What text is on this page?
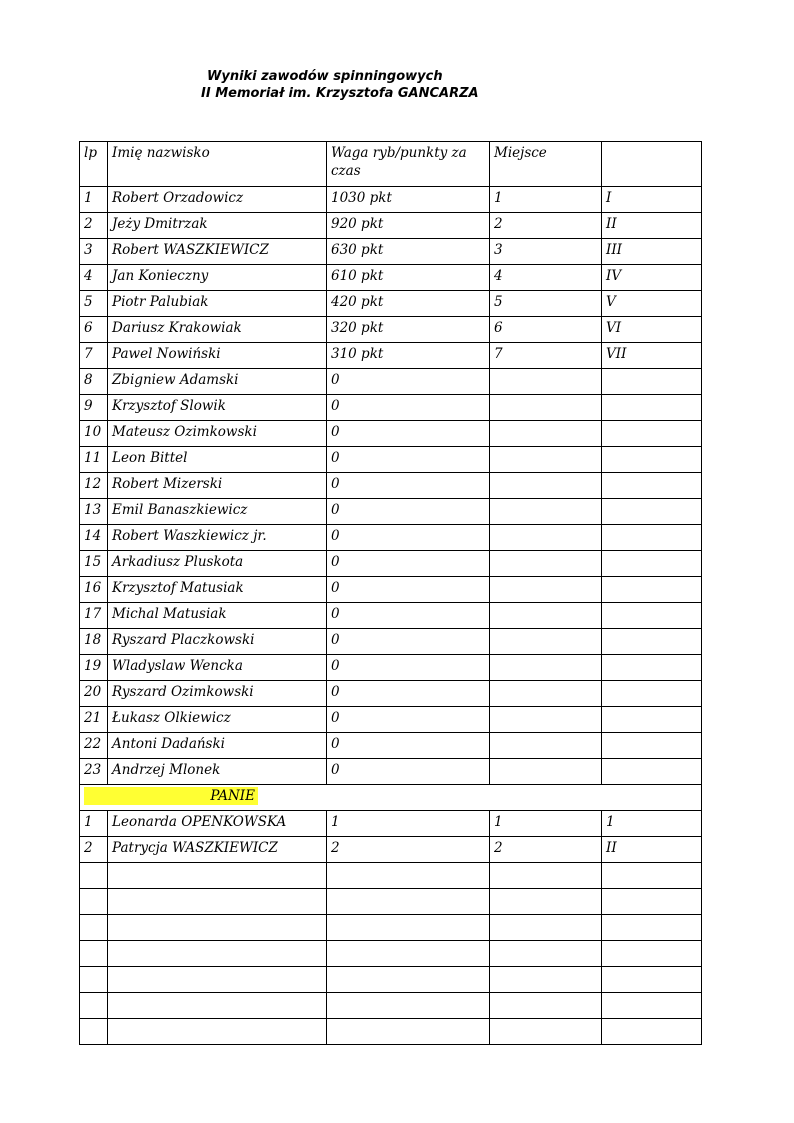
Wyniki zawodów spinningowych
II Memoriał im. Krzysztofa GANCARZA
lp	Imię nazwisko	Waga ryb/punkty za czas	Miejsce	
1	Robert Orzadowicz	1030 pkt	1	I
2	Jeży Dmitrzak	920 pkt	2	II
3	Robert WASZKIEWICZ	630 pkt	3	III
4	Jan Konieczny	610 pkt	4	IV
5	Piotr Palubiak	420 pkt	5	V
6	Dariusz Krakowiak	320 pkt	6	VI
7	Pawel Nowiński	310 pkt	7	VII
8	Zbigniew Adamski	0		
9	Krzysztof Slowik	0		
10	Mateusz Ozimkowski	0		
11	Leon Bittel	0		
12	Robert Mizerski	0		
13	Emil Banaszkiewicz	0		
14	Robert Waszkiewicz jr.	0		
15	Arkadiusz Pluskota	0		
16	Krzysztof Matusiak	0		
17	Michal Matusiak	0		
18	Ryszard Placzkowski	0		
19	Wladyslaw Wencka	0		
20	Ryszard Ozimkowski	0		
21	Łukasz Olkiewicz	0		
22	Antoni Dadański	0		
23	Andrzej Mlonek	0		
PANIE				
1	Leonarda OPENKOWSKA	1	1	1
2	Patrycja WASZKIEWICZ	2	2	II
